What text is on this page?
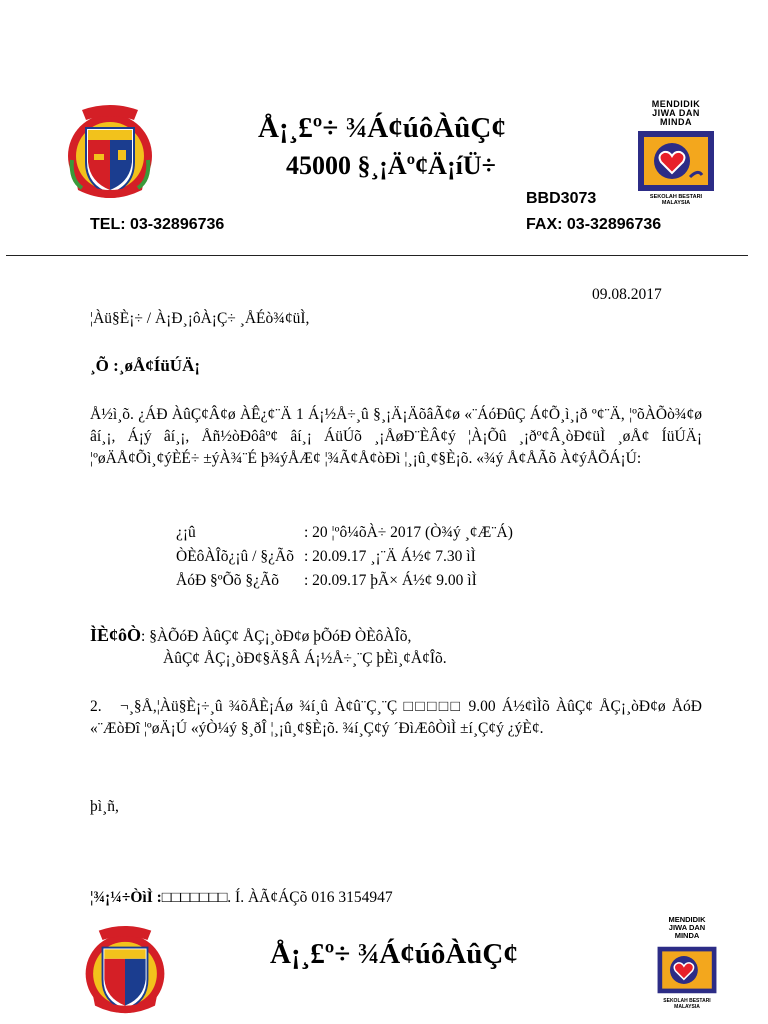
Å¡¸£º÷ ¾Á¢úôÀûÇ¢
45000 §¸¡Äº¢Ä¡íÜ÷
MENDIDIK
JIWA DAN
MINDA
SEKOLAH BESTARI
MALAYSIA
BBD3073
TEL: 03-32896736	FAX: 03-32896736
09.08.2017
¦Àü§È¡÷ / À¡Ð¸¡ôÀ¡Ç÷ ¸ÅÉò¾¢üÌ,
¸Õ :¸øÅ¢ÍüÚÄ¡
Å½ì¸õ. ¿ÁÐ ÀûÇ¢Â¢ø ÀÊ¿¢¨Ä 1 Á¡½Å÷¸û §¸¡Ä¡ÄõâÃ¢ø «¨ÁóÐûÇ Á¢Õ¸ì¸¡ð º¢¨Ä, ¦ºõÀÕò¾¢ø âí¸¡, Á¡ý âí¸¡, Åñ½òÐôâº¢ âí¸¡ ÁüÚõ ¸¡ÅøÐ¨ÈÂ¢ý ¦À¡Õû ¸¡ðº¢Â¸òÐ¢üÌ ¸øÅ¢ ÍüÚÄ¡ ¦ºøÄÅ¢Õì¸¢ýÈÉ÷ ±ýÀ¾¨É þ¾ýÅÆ¢ ¦¾Ã¢Å¢òÐì ¦¸¡û¸¢§È¡õ. «¾ý Å¢ÅÃõ À¢ýÅÕÁ¡Ú:
¿¡û	: 20 ¦ºô¼õÀ÷ 2017 (Ò¾ý ¸¢Æ¨Á)
ÒÈôÀÎõ¿¡û / §¿Ãõ : 20.09.17 ¸¡¨Ä Á½¢ 7.30 ìÌ
ÅóÐ §ºÕõ §¿Ãõ : 20.09.17 þÃ× Á½¢ 9.00 ìÌ
ÌÈ¢ôÒ: §ÀÕóÐ ÀûÇ¢ ÅÇ¡¸òÐ¢ø þÕóÐ ÒÈôÀÎõ,
ÀûÇ¢ ÅÇ¡¸òÐ¢§Ä§Â Á¡½Å÷¸¨Ç þÈì¸¢Å¢Îõ.
2.	¬¸§Å,¦Àü§È¡÷¸û ¾õÅÈ¡Áø ¾í¸û À¢û¨Ç¸¨Ç □□□□□ 9.00 Á½¢ìÌõ ÀûÇ¢ ÅÇ¡¸òÐ¢ø ÅóÐ «¨ÆòÐî ¦ºøÄ¡Ú «ýÒ¼ý §¸ðÎ ¦¸¡û¸¢§È¡õ. ¾í¸Ç¢ý ´ÐìÆôÒìÌ ±í¸Ç¢ý ¿ýÈ¢.
þì¸ñ,
¦¾¡¼÷ÒìÌ :□□□□□□□. Í. ÀÃ¢ÁÇõ 016 3154947
Å¡¸£º÷ ¾Á¢úôÀûÇ¢
MENDIDIK
JIWA DAN
MINDA
SEKOLAH BESTARI
MALAYSIA
